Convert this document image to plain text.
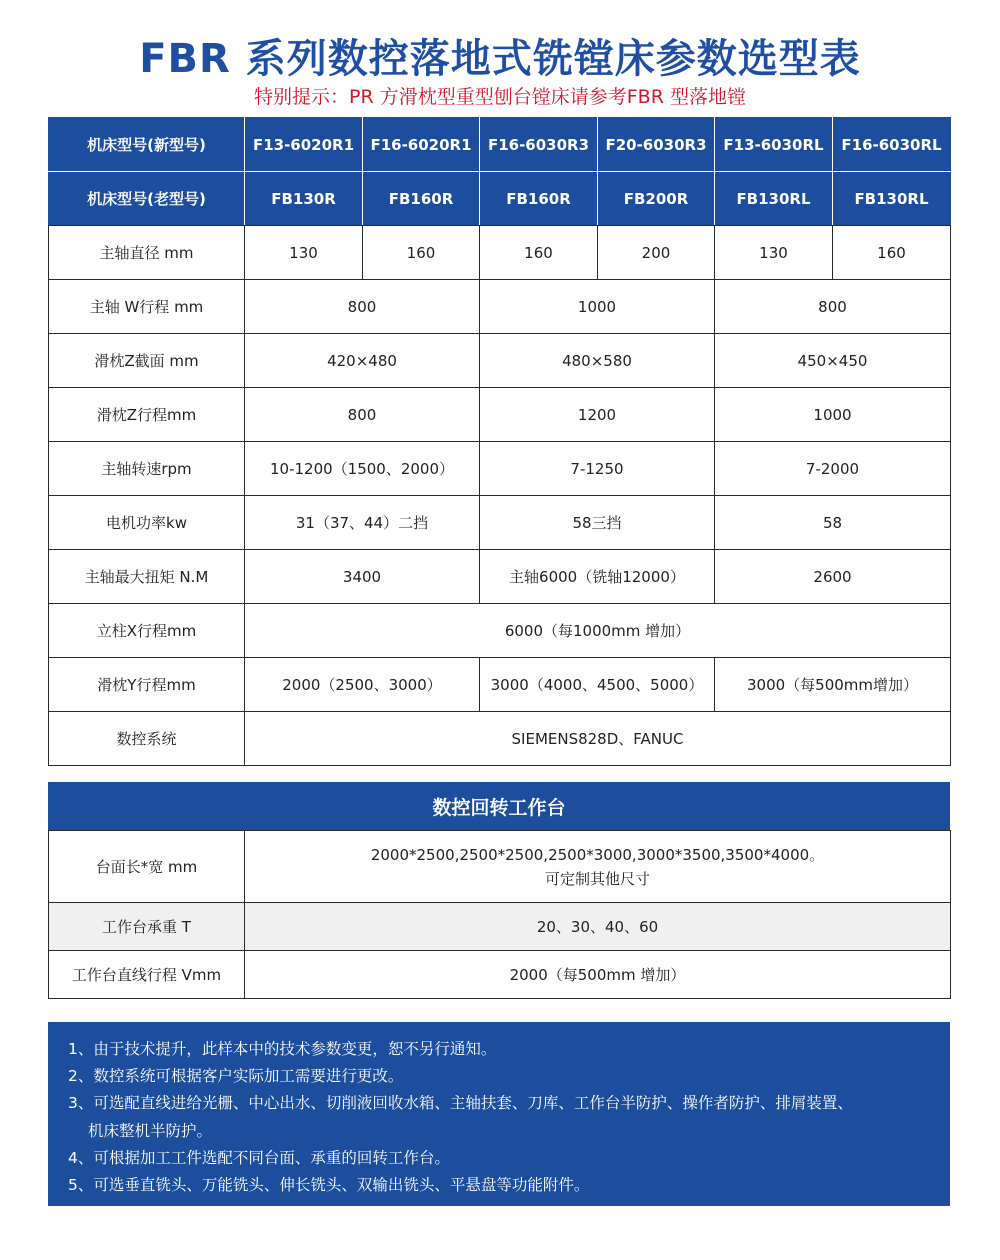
FBR 系列数控落地式铣镗床参数选型表
特别提示：PR 方滑枕型重型刨台镗床请参考FBR 型落地镗
机床型号(新型号)	F13-6020R1	F16-6020R1	F16-6030R3	F20-6030R3	F13-6030RL	F16-6030RL
机床型号(老型号)	FB130R	FB160R	FB160R	FB200R	FB130RL	FB130RL
主轴直径 mm	130	160	160	200	130	160
主轴 W行程 mm	800		1000		800	
滑枕Z截面 mm	420×480		480×580		450×450	
滑枕Z行程mm	800		1200		1000	
主轴转速rpm	10-1200（1500、2000）		7-1250		7-2000	
电机功率kw	31（37、44）二挡		58三挡		58	
主轴最大扭矩 N.M	3400		主轴6000（铣轴12000）		2600	
立柱X行程mm	6000（每1000mm 增加）					
滑枕Y行程mm	2000（2500、3000）		3000（4000、4500、5000）		3000（每500mm增加）	
数控系统	SIEMENS828D、FANUC					
数控回转工作台
台面长*宽 mm	2000*2500,2500*2500,2500*3000,3000*3500,3500*4000。
可定制其他尺寸

工作台承重 T	20、30、40、60
工作台直线行程 Vmm	2000（每500mm 增加）
1、由于技术提升，此样本中的技术参数变更，恕不另行通知。
2、数控系统可根据客户实际加工需要进行更改。
3、可选配直线进给光栅、中心出水、切削液回收水箱、主轴扶套、刀库、工作台半防护、操作者防护、排屑装置、
机床整机半防护。
4、可根据加工工件选配不同台面、承重的回转工作台。
5、可选垂直铣头、万能铣头、伸长铣头、双输出铣头、平悬盘等功能附件。
